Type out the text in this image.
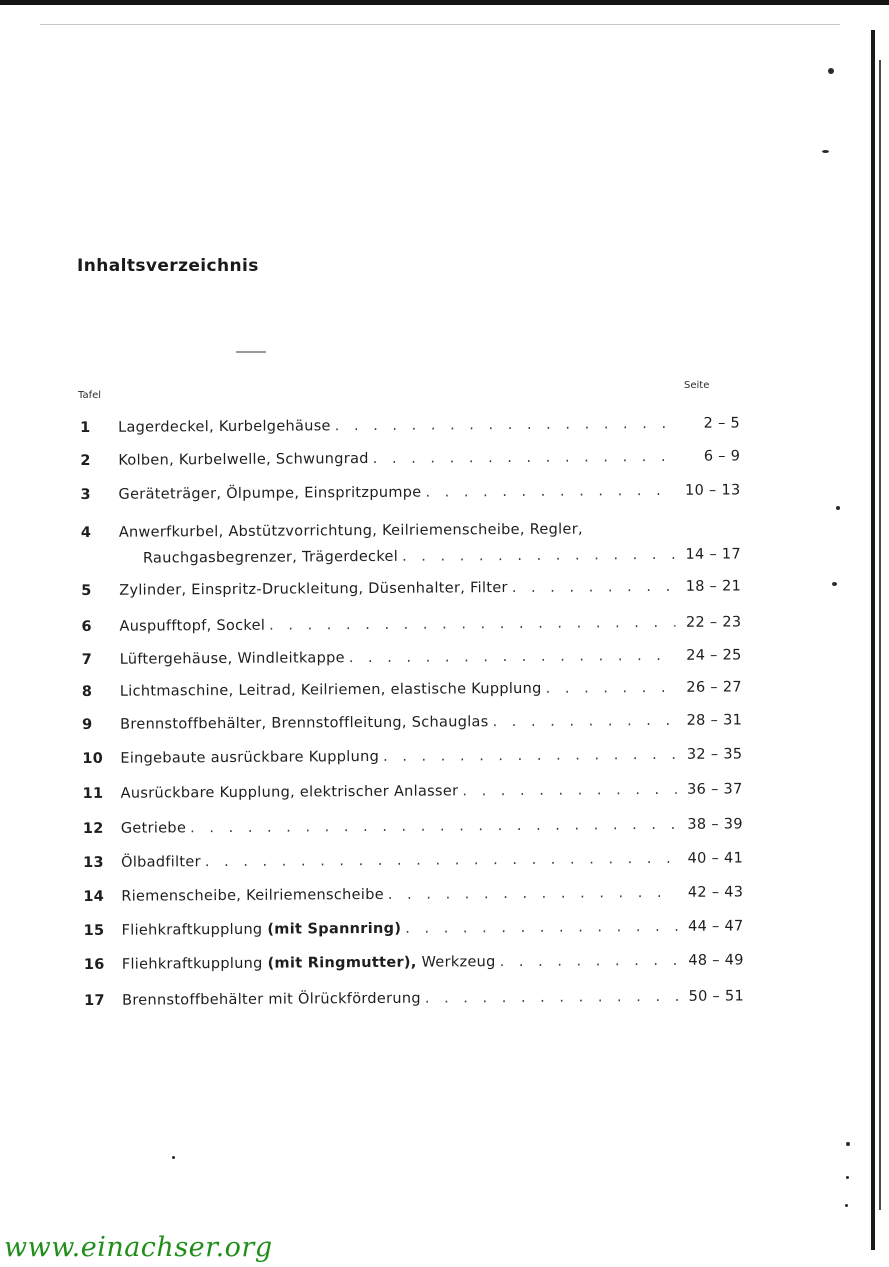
Inhaltsverzeichnis
Tafel
Seite
1	Lagerdeckel, Kurbelgehäuse . . .	2 – 5
2	Kolben, Kurbelwelle, Schwungrad . . .	6 – 9
3	Geräteträger, Ölpumpe, Einspritzpumpe . . .	10 – 13
4	Anwerfkurbel, Abstützvorrichtung, Keilriemenscheibe, Regler,
Rauchgasbegrenzer, Trägerdeckel . . .	14 – 17
5	Zylinder, Einspritz-Druckleitung, Düsenhalter, Filter . . .	18 – 21
6	Auspufftopf, Sockel . . .	22 – 23
7	Lüftergehäuse, Windleitkappe . . .	24 – 25
8	Lichtmaschine, Leitrad, Keilriemen, elastische Kupplung . . .	26 – 27
9	Brennstoffbehälter, Brennstoffleitung, Schauglas . . .	28 – 31
10	Eingebaute ausrückbare Kupplung . . .	32 – 35
11	Ausrückbare Kupplung, elektrischer Anlasser . . .	36 – 37
12	Getriebe . . .	38 – 39
13	Ölbadfilter . . .	40 – 41
14	Riemenscheibe, Keilriemenscheibe . . .	42 – 43
15	Fliehkraftkupplung (mit Spannring) . . .	44 – 47
16	Fliehkraftkupplung (mit Ringmutter), Werkzeug . . .	48 – 49
17	Brennstoffbehälter mit Ölrückförderung . . .	50 – 51
www.einachser.org
